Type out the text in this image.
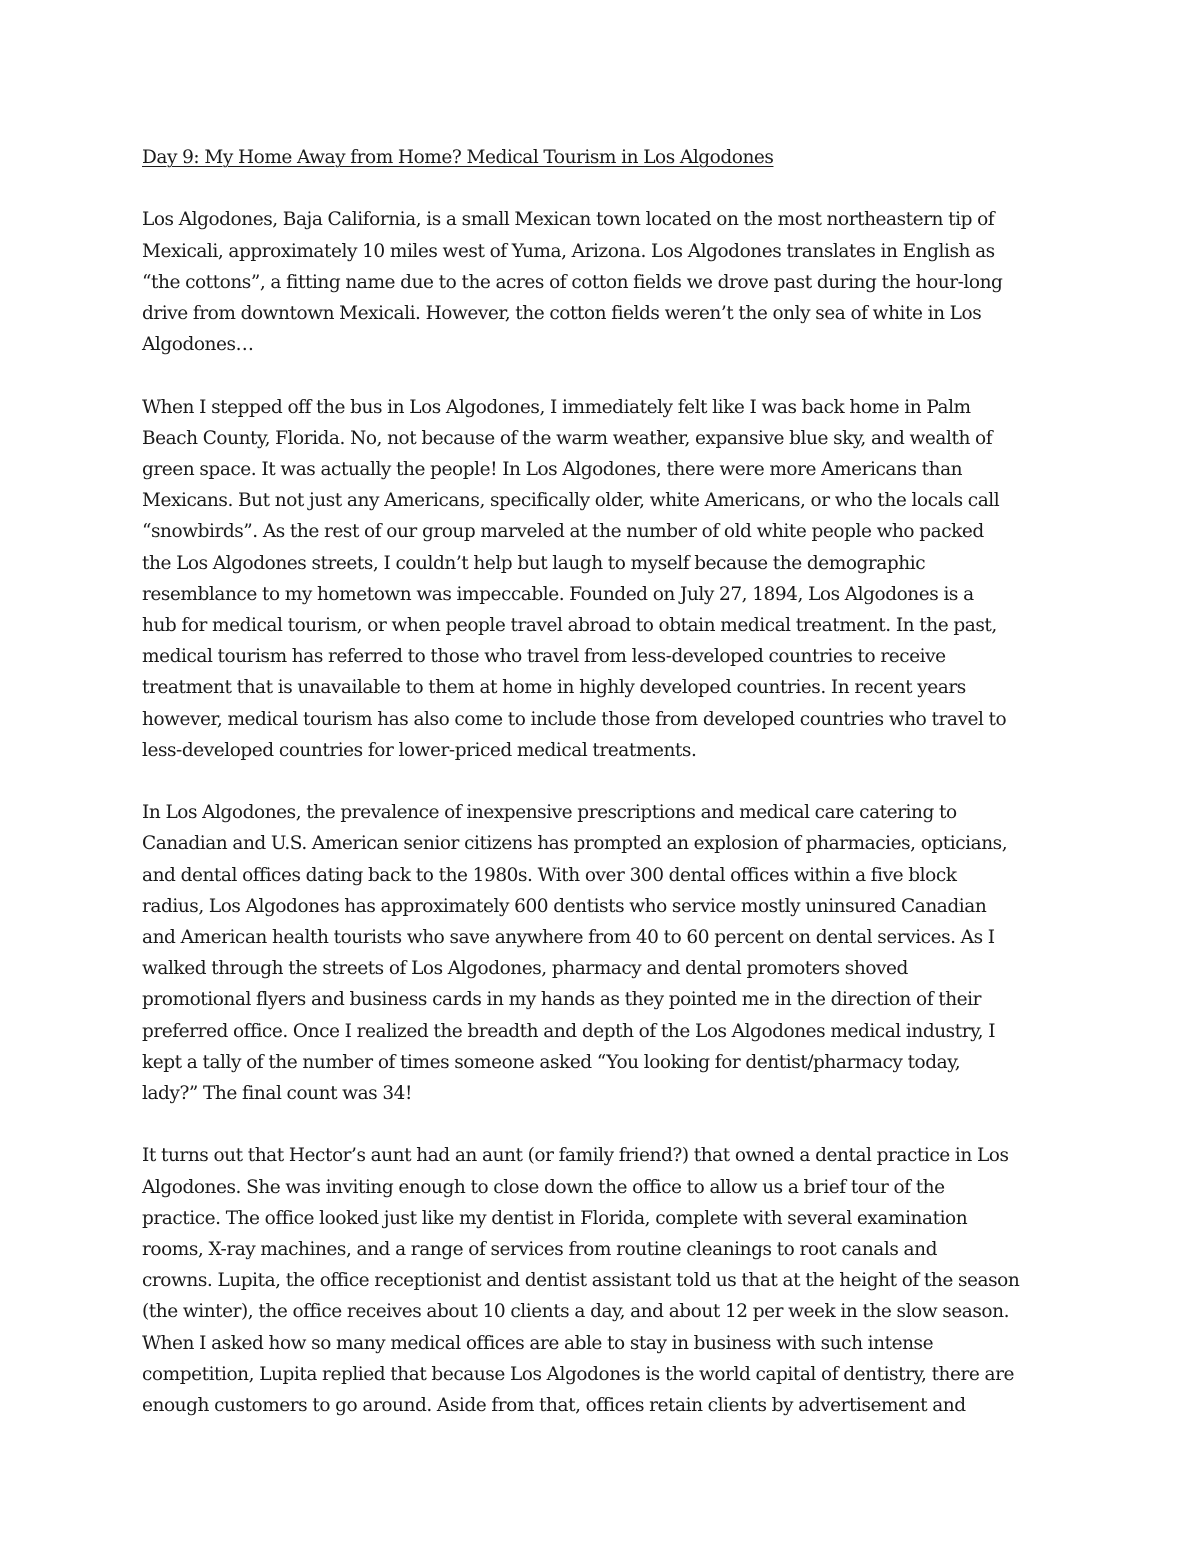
Day 9: My Home Away from Home? Medical Tourism in Los Algodones
Los Algodones, Baja California, is a small Mexican town located on the most northeastern tip of
Mexicali, approximately 10 miles west of Yuma, Arizona. Los Algodones translates in English as
“the cottons”, a fitting name due to the acres of cotton fields we drove past during the hour-long
drive from downtown Mexicali. However, the cotton fields weren’t the only sea of white in Los
Algodones…
When I stepped off the bus in Los Algodones, I immediately felt like I was back home in Palm
Beach County, Florida. No, not because of the warm weather, expansive blue sky, and wealth of
green space. It was actually the people! In Los Algodones, there were more Americans than
Mexicans. But not just any Americans, specifically older, white Americans, or who the locals call
“snowbirds”. As the rest of our group marveled at the number of old white people who packed
the Los Algodones streets, I couldn’t help but laugh to myself because the demographic
resemblance to my hometown was impeccable. Founded on July 27, 1894, Los Algodones is a
hub for medical tourism, or when people travel abroad to obtain medical treatment. In the past,
medical tourism has referred to those who travel from less-developed countries to receive
treatment that is unavailable to them at home in highly developed countries. In recent years
however, medical tourism has also come to include those from developed countries who travel to
less-developed countries for lower-priced medical treatments.
In Los Algodones, the prevalence of inexpensive prescriptions and medical care catering to
Canadian and U.S. American senior citizens has prompted an explosion of pharmacies, opticians,
and dental offices dating back to the 1980s. With over 300 dental offices within a five block
radius, Los Algodones has approximately 600 dentists who service mostly uninsured Canadian
and American health tourists who save anywhere from 40 to 60 percent on dental services. As I
walked through the streets of Los Algodones, pharmacy and dental promoters shoved
promotional flyers and business cards in my hands as they pointed me in the direction of their
preferred office. Once I realized the breadth and depth of the Los Algodones medical industry, I
kept a tally of the number of times someone asked “You looking for dentist/pharmacy today,
lady?” The final count was 34!
It turns out that Hector’s aunt had an aunt (or family friend?) that owned a dental practice in Los
Algodones. She was inviting enough to close down the office to allow us a brief tour of the
practice. The office looked just like my dentist in Florida, complete with several examination
rooms, X-ray machines, and a range of services from routine cleanings to root canals and
crowns. Lupita, the office receptionist and dentist assistant told us that at the height of the season
(the winter), the office receives about 10 clients a day, and about 12 per week in the slow season.
When I asked how so many medical offices are able to stay in business with such intense
competition, Lupita replied that because Los Algodones is the world capital of dentistry, there are
enough customers to go around. Aside from that, offices retain clients by advertisement and
